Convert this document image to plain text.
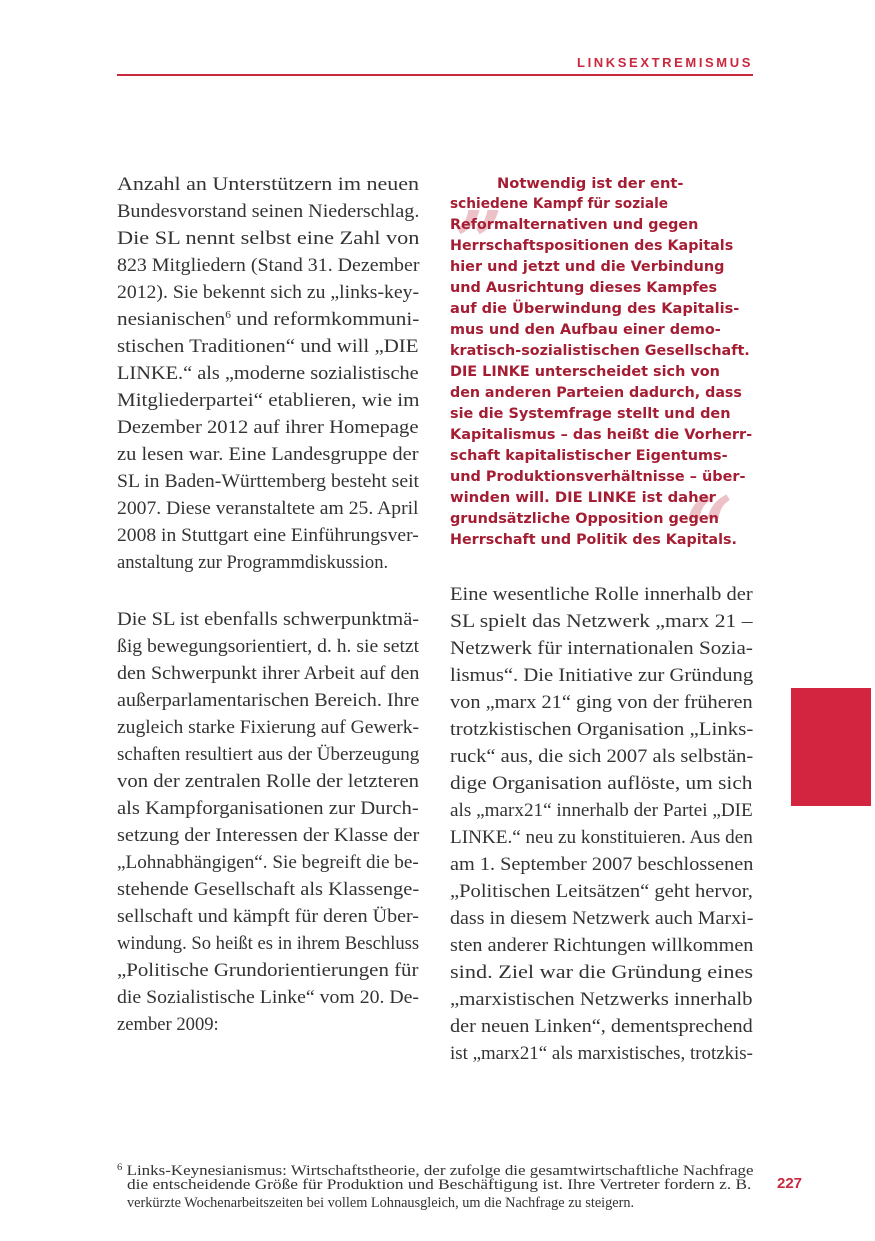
LINKSEXTREMISMUS
Anzahl an Unterstützern im neuen
Bundesvorstand seinen Niederschlag.
Die SL nennt selbst eine Zahl von
823 Mitgliedern (Stand 31. Dezember
2012). Sie bekennt sich zu „links-key-
nesianischen$^6$ und reformkommuni-
stischen Traditionen“ und will „DIE
LINKE.“ als „moderne sozialistische
Mitgliederpartei“ etablieren, wie im
Dezember 2012 auf ihrer Homepage
zu lesen war. Eine Landesgruppe der
SL in Baden-Württemberg besteht seit
2007. Diese veranstaltete am 25. April
2008 in Stuttgart eine Einführungsver-
anstaltung zur Programmdiskussion.
Die SL ist ebenfalls schwerpunktmä-
ßig bewegungsorientiert, d. h. sie setzt
den Schwerpunkt ihrer Arbeit auf den
außerparlamentarischen Bereich. Ihre
zugleich starke Fixierung auf Gewerk-
schaften resultiert aus der Überzeugung
von der zentralen Rolle der letzteren
als Kampforganisationen zur Durch-
setzung der Interessen der Klasse der
„Lohnabhängigen“. Sie begreift die be-
stehende Gesellschaft als Klassenge-
sellschaft und kämpft für deren Über-
windung. So heißt es in ihrem Beschluss
„Politische Grundorientierungen für
die Sozialistische Linke“ vom 20. De-
zember 2009:
„
“
Notwendig ist der ent-
schiedene Kampf für soziale
Reformalternativen und gegen
Herrschaftspositionen des Kapitals
hier und jetzt und die Verbindung
und Ausrichtung dieses Kampfes
auf die Überwindung des Kapitalis-
mus und den Aufbau einer demo-
kratisch-sozialistischen Gesellschaft.
DIE LINKE unterscheidet sich von
den anderen Parteien dadurch, dass
sie die Systemfrage stellt und den
Kapitalismus – das heißt die Vorherr-
schaft kapitalistischer Eigentums-
und Produktionsverhältnisse – über-
winden will. DIE LINKE ist daher
grundsätzliche Opposition gegen
Herrschaft und Politik des Kapitals.
Eine wesentliche Rolle innerhalb der
SL spielt das Netzwerk „marx 21 –
Netzwerk für internationalen Sozia-
lismus“. Die Initiative zur Gründung
von „marx 21“ ging von der früheren
trotzkistischen Organisation „Links-
ruck“ aus, die sich 2007 als selbstän-
dige Organisation auflöste, um sich
als „marx21“ innerhalb der Partei „DIE
LINKE.“ neu zu konstituieren. Aus den
am 1. September 2007 beschlossenen
„Politischen Leitsätzen“ geht hervor,
dass in diesem Netzwerk auch Marxi-
sten anderer Richtungen willkommen
sind. Ziel war die Gründung eines
„marxistischen Netzwerks innerhalb
der neuen Linken“, dementsprechend
ist „marx21“ als marxistisches, trotzkis-
$^6$ Links-Keynesianismus: Wirtschaftstheorie, der zufolge die gesamtwirtschaftliche Nachfrage
die entscheidende Größe für Produktion und Beschäftigung ist. Ihre Vertreter fordern z. B.
verkürzte Wochenarbeitszeiten bei vollem Lohnausgleich, um die Nachfrage zu steigern.
227
